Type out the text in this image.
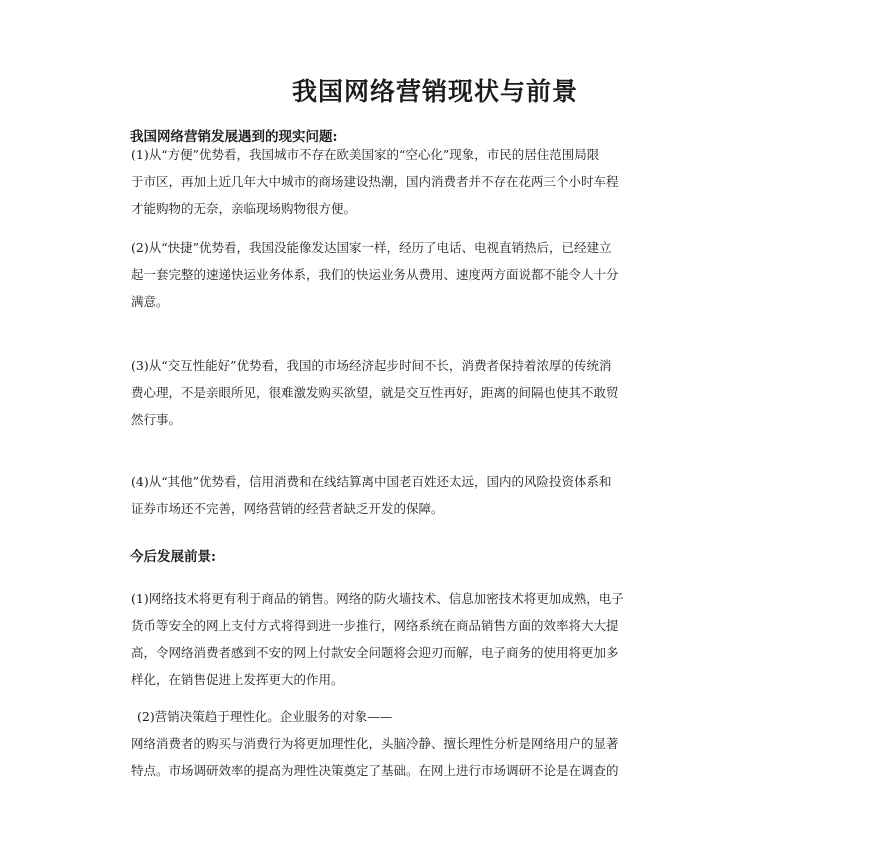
我国网络营销现状与前景
我国网络营销发展遇到的现实问题:
(1)从“方便”优势看，我国城市不存在欧美国家的“空心化”现象，市民的居住范围局限
于市区，再加上近几年大中城市的商场建设热潮，国内消费者并不存在花两三个小时车程
才能购物的无奈，亲临现场购物很方便。
(2)从“快捷”优势看，我国没能像发达国家一样，经历了电话、电视直销热后，已经建立
起一套完整的速递快运业务体系，我们的快运业务从费用、速度两方面说都不能令人十分
满意。
(3)从“交互性能好”优势看，我国的市场经济起步时间不长，消费者保持着浓厚的传统消
费心理，不是亲眼所见，很难激发购买欲望，就是交互性再好，距离的间隔也使其不敢贸
然行事。
(4)从“其他”优势看，信用消费和在线结算离中国老百姓还太远，国内的风险投资体系和
证券市场还不完善，网络营销的经营者缺乏开发的保障。
今后发展前景:
(1)网络技术将更有利于商品的销售。网络的防火墙技术、信息加密技术将更加成熟，电子
货币等安全的网上支付方式将得到进一步推行，网络系统在商品销售方面的效率将大大提
高，令网络消费者感到不安的网上付款安全问题将会迎刃而解，电子商务的使用将更加多
样化，在销售促进上发挥更大的作用。
(2)营销决策趋于理性化。企业服务的对象——
网络消费者的购买与消费行为将更加理性化，头脑冷静、擅长理性分析是网络用户的显著
特点。市场调研效率的提高为理性决策奠定了基础。在网上进行市场调研不论是在调查的
